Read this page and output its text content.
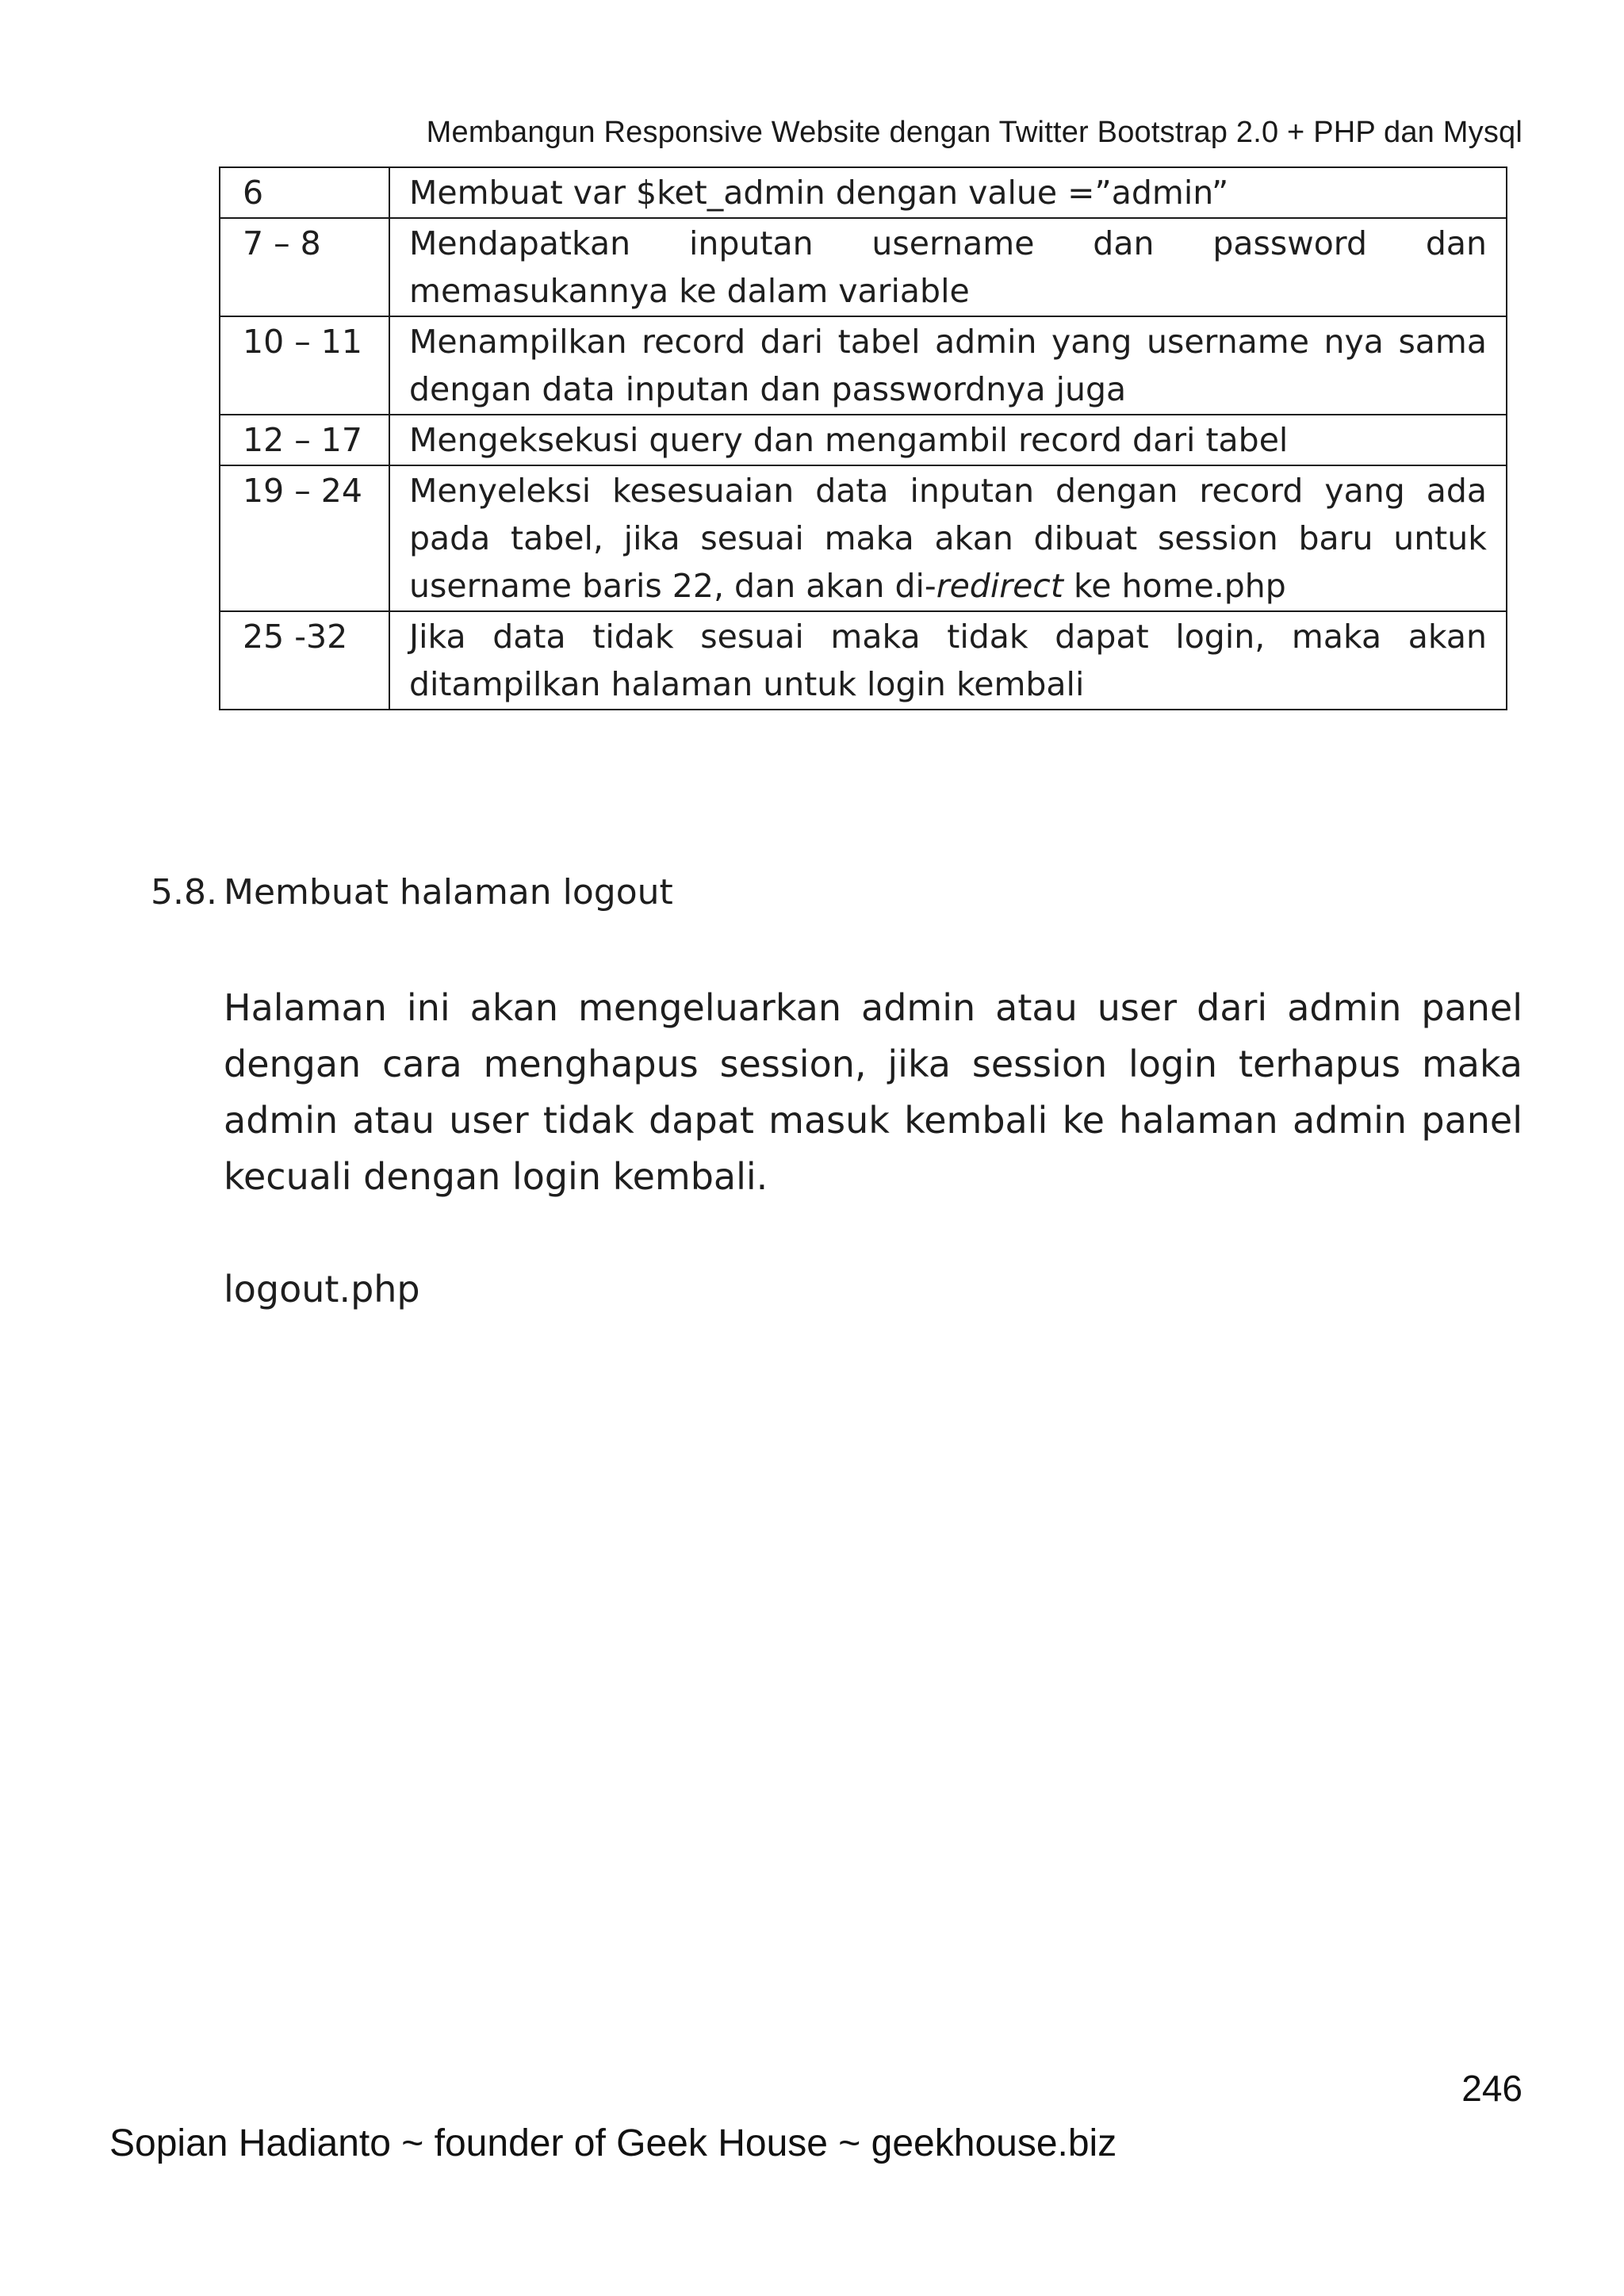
Membangun Responsive Website dengan Twitter Bootstrap 2.0 + PHP dan Mysql
6	Membuat var $ket_admin dengan value =”admin”
7 – 8	Mendapatkan inputan username dan password dan memasukannya ke dalam variable
10 – 11	Menampilkan record dari tabel admin yang username nya sama dengan data inputan dan passwordnya juga
12 – 17	Mengeksekusi query dan mengambil record dari tabel
19 – 24	Menyeleksi kesesuaian data inputan dengan record yang ada pada tabel, jika sesuai maka akan dibuat session baru untuk username baris 22, dan akan di-redirect ke home.php
25 -32	Jika data tidak sesuai maka tidak dapat login, maka akan ditampilkan halaman untuk login kembali
5.8. Membuat halaman logout
Halaman ini akan mengeluarkan admin atau user dari admin panel dengan cara menghapus session, jika session login terhapus maka admin atau user tidak dapat masuk kembali ke halaman admin panel kecuali dengan login kembali.
logout.php
246
Sopian Hadianto ~ founder of Geek House ~ geekhouse.biz
